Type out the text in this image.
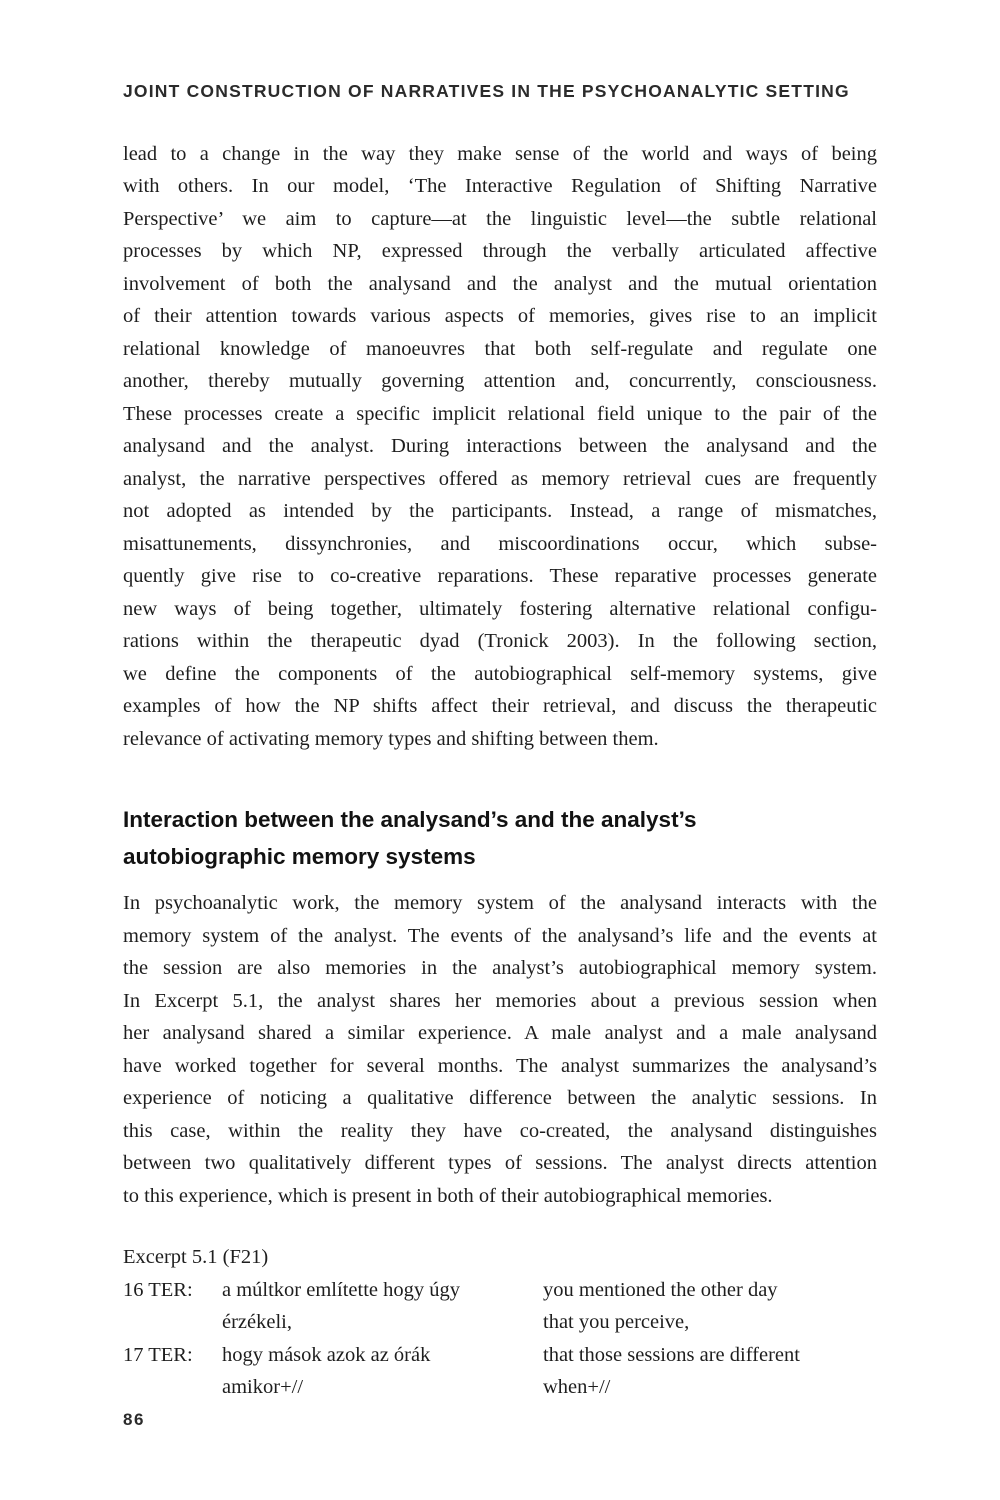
JOINT CONSTRUCTION OF NARRATIVES IN THE PSYCHOANALYTIC SETTING
lead to a change in the way they make sense of the world and ways of being
with others. In our model, ‘The Interactive Regulation of Shifting Narrative
Perspective’ we aim to capture—at the linguistic level—the subtle relational
processes by which NP, expressed through the verbally articulated affective
involvement of both the analysand and the analyst and the mutual orientation
of their attention towards various aspects of memories, gives rise to an implicit
relational knowledge of manoeuvres that both self-regulate and regulate one
another, thereby mutually governing attention and, concurrently, consciousness.
These processes create a specific implicit relational field unique to the pair of the
analysand and the analyst. During interactions between the analysand and the
analyst, the narrative perspectives offered as memory retrieval cues are frequently
not adopted as intended by the participants. Instead, a range of mismatches,
misattunements, dissynchronies, and miscoordinations occur, which subse-
quently give rise to co-creative reparations. These reparative processes generate
new ways of being together, ultimately fostering alternative relational configu-
rations within the therapeutic dyad (Tronick 2003). In the following section,
we define the components of the autobiographical self-memory systems, give
examples of how the NP shifts affect their retrieval, and discuss the therapeutic
relevance of activating memory types and shifting between them.
Interaction between the analysand’s and the analyst’s
autobiographic memory systems
In psychoanalytic work, the memory system of the analysand interacts with the
memory system of the analyst. The events of the analysand’s life and the events at
the session are also memories in the analyst’s autobiographical memory system.
In Excerpt 5.1, the analyst shares her memories about a previous session when
her analysand shared a similar experience. A male analyst and a male analysand
have worked together for several months. The analyst summarizes the analysand’s
experience of noticing a qualitative difference between the analytic sessions. In
this case, within the reality they have co-created, the analysand distinguishes
between two qualitatively different types of sessions. The analyst directs attention
to this experience, which is present in both of their autobiographical memories.
Excerpt 5.1 (F21)
16 TER:	a múltkor említette hogy úgy	you mentioned the other day
érzékeli,	that you perceive,
17 TER:	hogy mások azok az órák	that those sessions are different
amikor+//	when+//
86
